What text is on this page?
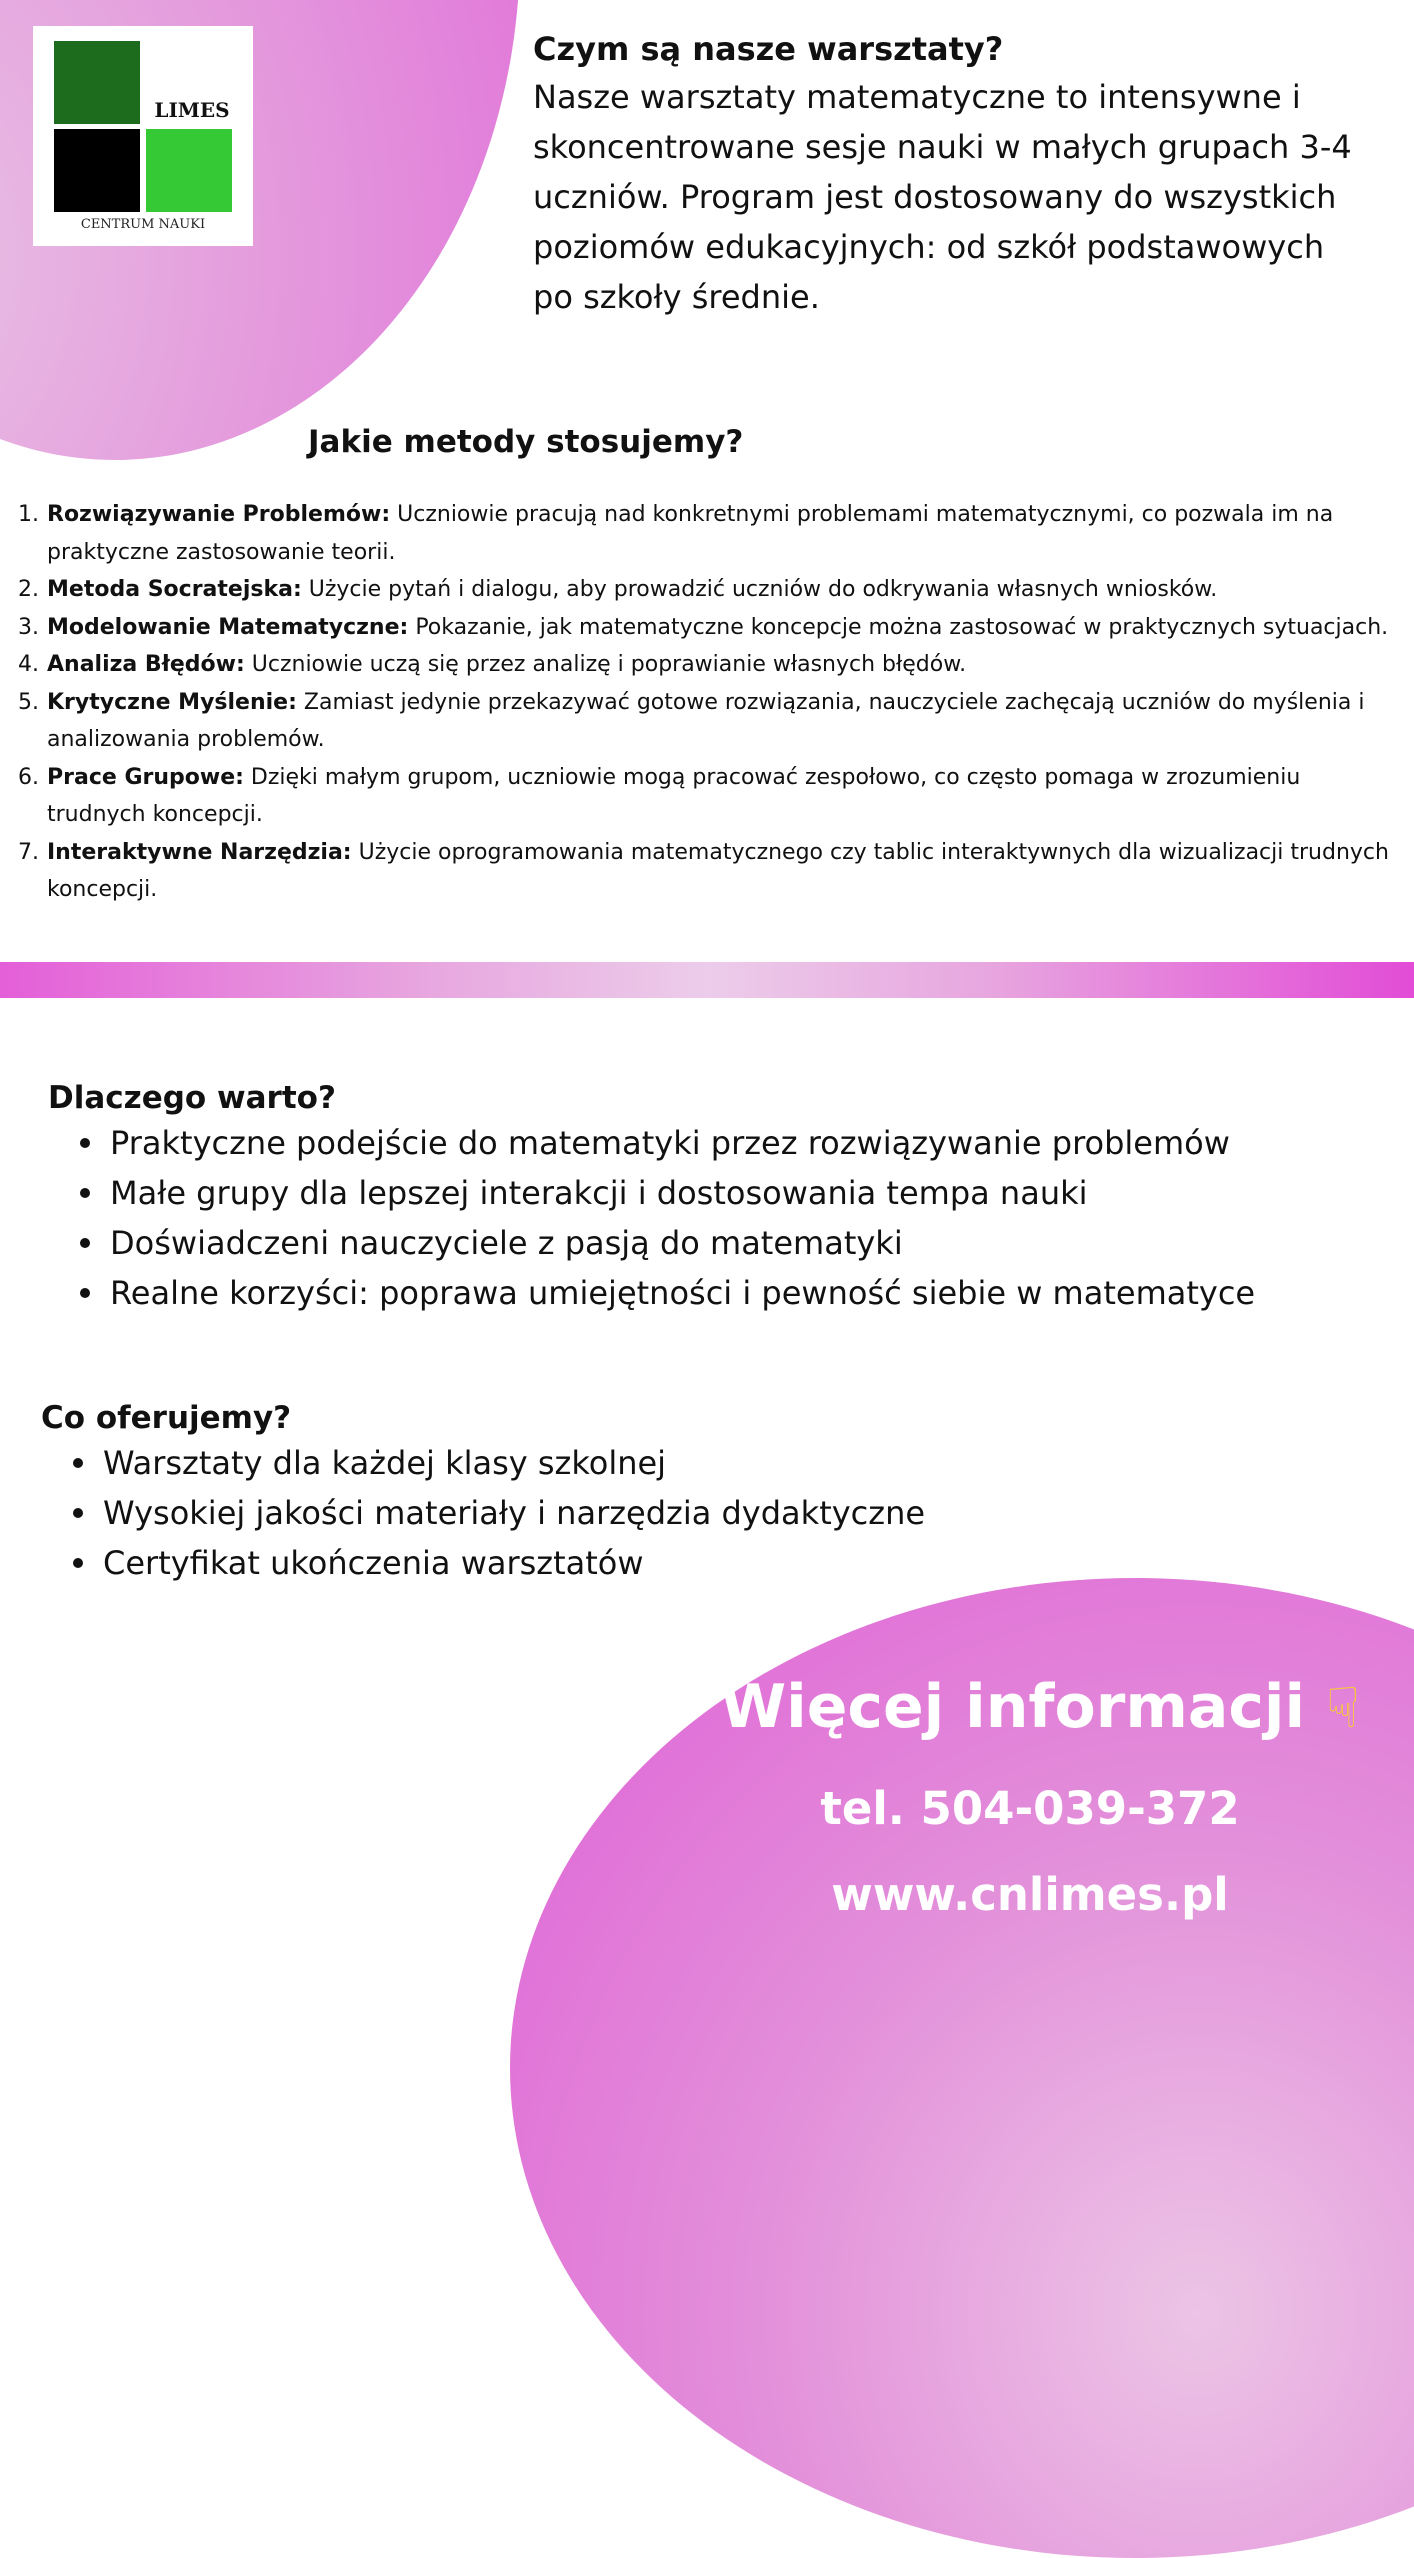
LIMES
CENTRUM NAUKI
Czym są nasze warsztaty?

Nasze warsztaty matematyczne to intensywne i skoncentrowane sesje nauki w małych grupach 3-4 uczniów. Program jest dostosowany do wszystkich poziomów edukacyjnych: od szkół podstawowych po szkoły średnie.

Jakie metody stosujemy?
1. Rozwiązywanie Problemów: Uczniowie pracują nad konkretnymi problemami matematycznymi, co pozwala im na praktyczne zastosowanie teorii.
2. Metoda Socratejska: Użycie pytań i dialogu, aby prowadzić uczniów do odkrywania własnych wniosków.
3. Modelowanie Matematyczne: Pokazanie, jak matematyczne koncepcje można zastosować w praktycznych sytuacjach.
4. Analiza Błędów: Uczniowie uczą się przez analizę i poprawianie własnych błędów.
5. Krytyczne Myślenie: Zamiast jedynie przekazywać gotowe rozwiązania, nauczyciele zachęcają uczniów do myślenia i analizowania problemów.
6. Prace Grupowe: Dzięki małym grupom, uczniowie mogą pracować zespołowo, co często pomaga w zrozumieniu trudnych koncepcji.
7. Interaktywne Narzędzia: Użycie oprogramowania matematycznego czy tablic interaktywnych dla wizualizacji trudnych koncepcji.
Dlaczego warto?
Praktyczne podejście do matematyki przez rozwiązywanie problemów
Małe grupy dla lepszej interakcji i dostosowania tempa nauki
Doświadczeni nauczyciele z pasją do matematyki
Realne korzyści: poprawa umiejętności i pewność siebie w matematyce
Co oferujemy?
Warsztaty dla każdej klasy szkolnej
Wysokiej jakości materiały i narzędzia dydaktyczne
Certyfikat ukończenia warsztatów
Więcej informacji ☟
tel. 504-039-372
www.cnlimes.pl
